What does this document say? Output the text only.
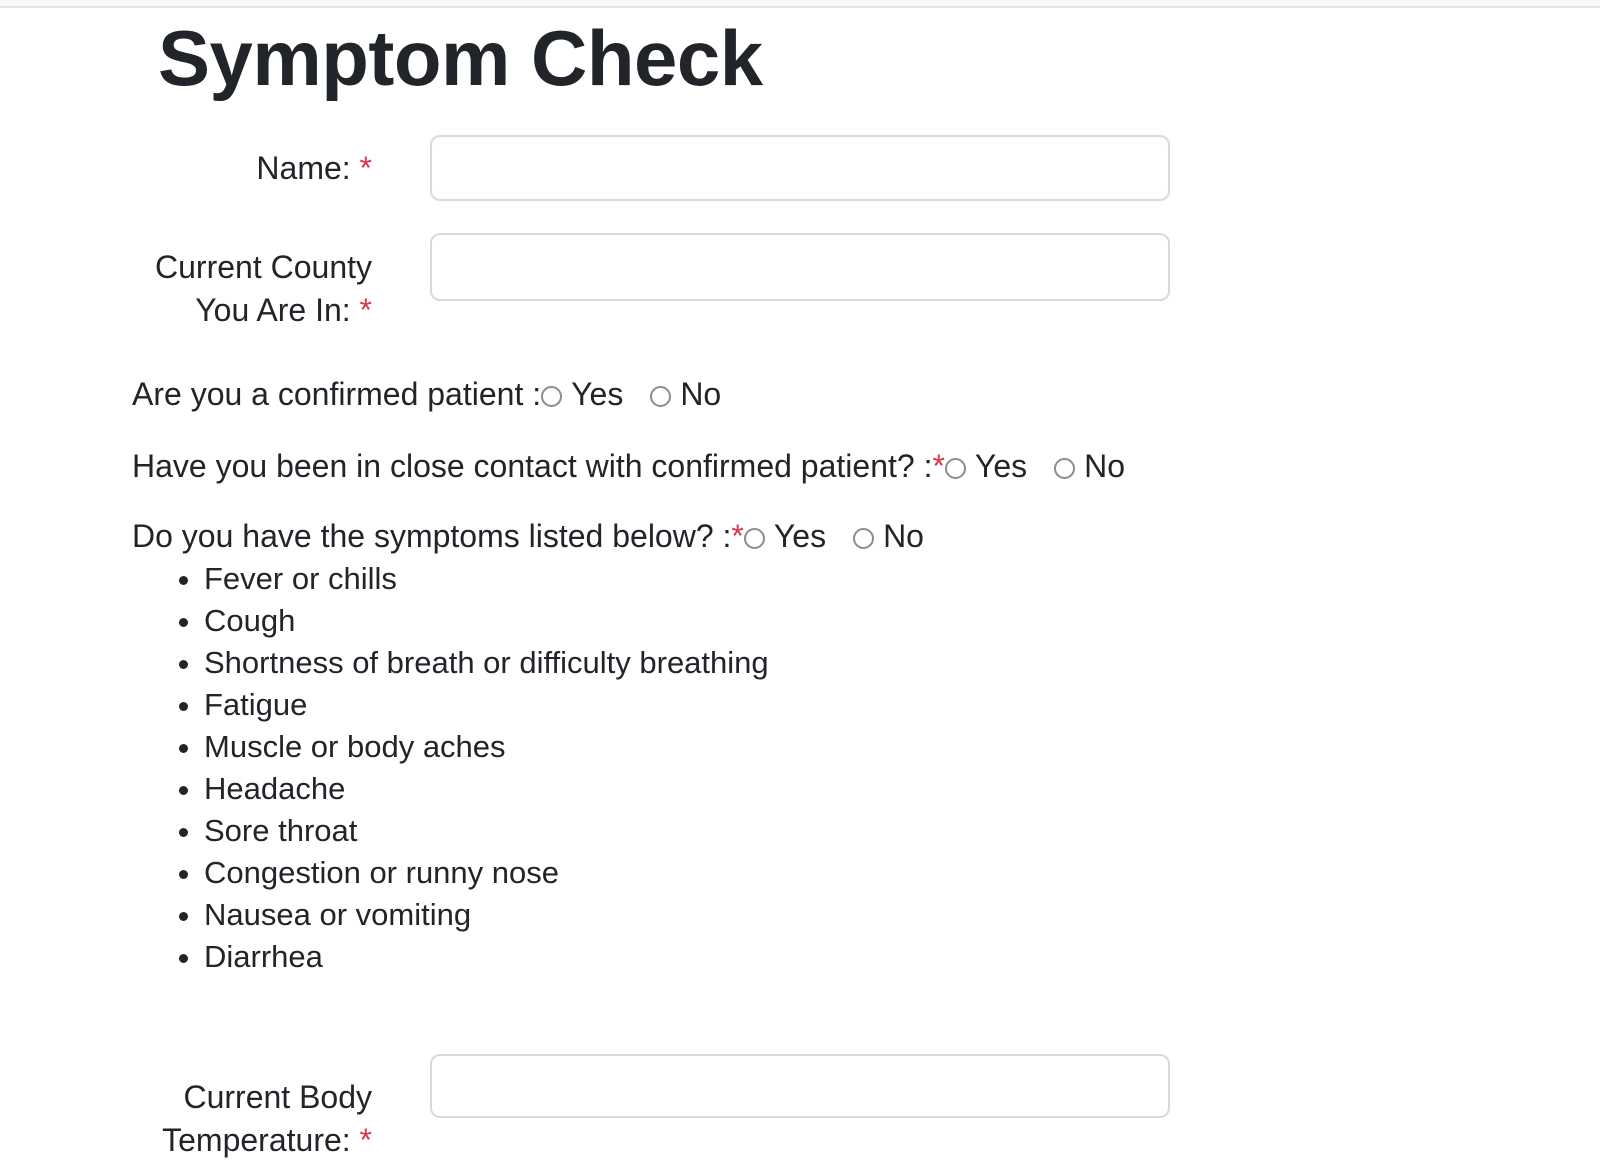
Symptom Check
Name: *
Current County
You Are In: *
Are you a confirmed patient : Yes No
Have you been in close contact with confirmed patient? :* Yes No
Do you have the symptoms listed below? :* Yes No
• Fever or chills
• Cough
• Shortness of breath or difficulty breathing
• Fatigue
• Muscle or body aches
• Headache
• Sore throat
• Congestion or runny nose
• Nausea or vomiting
• Diarrhea
Current Body
Temperature: *
